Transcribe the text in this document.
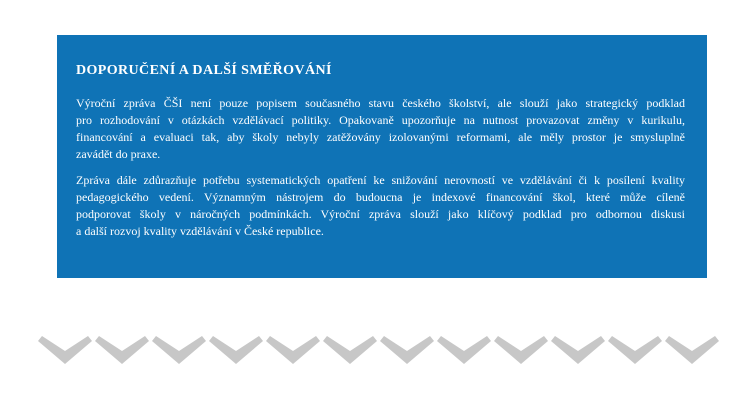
DOPORUČENÍ A DALŠÍ SMĚŘOVÁNÍ
Výroční zpráva ČŠI není pouze popisem současného stavu českého školství, ale slouží jako strategický podklad
pro rozhodování v otázkách vzdělávací politiky. Opakovaně upozorňuje na nutnost provazovat změny v kurikulu,
financování a evaluaci tak, aby školy nebyly zatěžovány izolovanými reformami, ale měly prostor je smysluplně
zavádět do praxe.
Zpráva dále zdůrazňuje potřebu systematických opatření ke snižování nerovností ve vzdělávání či k posílení kvality
pedagogického vedení. Významným nástrojem do budoucna je indexové financování škol, které může cíleně
podporovat školy v náročných podmínkách. Výroční zpráva slouží jako klíčový podklad pro odbornou diskusi
a další rozvoj kvality vzdělávání v České republice.
